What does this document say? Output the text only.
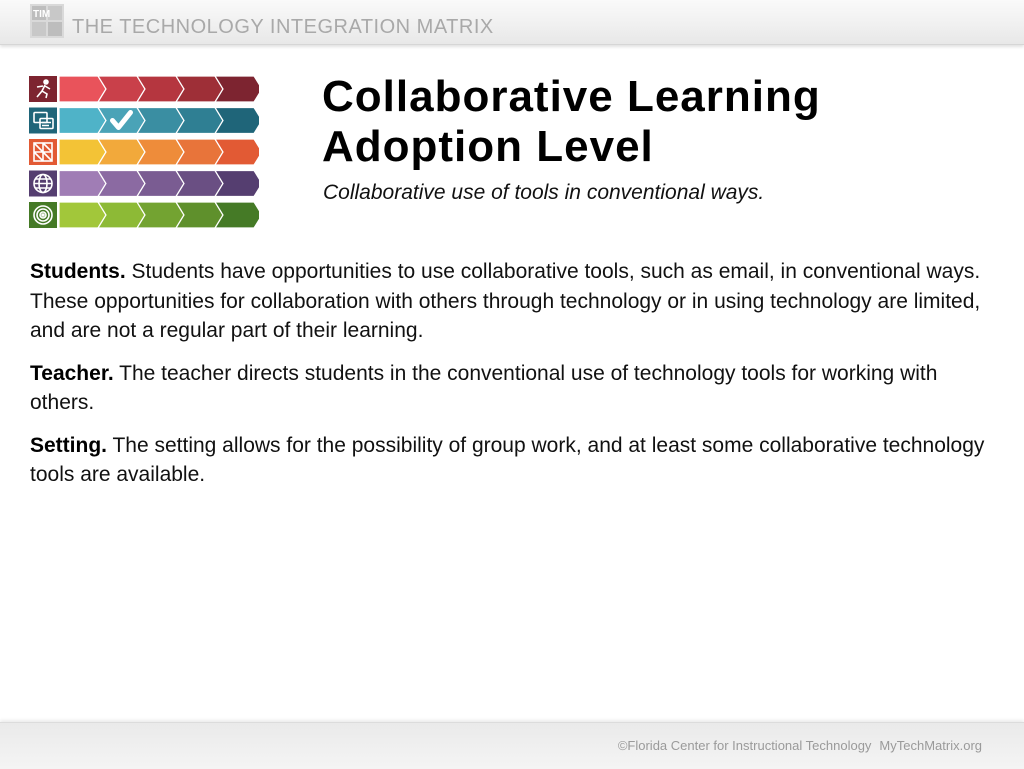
TIM
THE TECHNOLOGY INTEGRATION MATRIX
Collaborative Learning
Adoption Level
Collaborative use of tools in conventional ways.

Students. Students have opportunities to use collaborative tools, such as email, in conventional ways. These opportunities for collaboration with others through technology or in using technology are limited, and are not a regular part of their learning.

Teacher. The teacher directs students in the conventional use of technology tools for working with others.

Setting. The setting allows for the possibility of group work, and at least some collaborative technology tools are available.

©Florida Center for Instructional Technology MyTechMatrix.org
